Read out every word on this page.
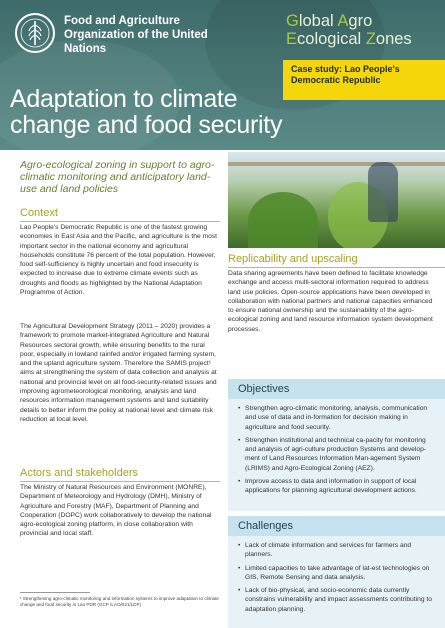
Food and Agriculture Organization of the United Nations
Global Agro
Ecological Zones
Case study: Lao People's Democratic Republic
Adaptation to climate change and food security
Agro-ecological zoning in support to agro-climatic monitoring and anticipatory land-use and land policies
Context
Lao People's Democratic Republic is one of the fastest growing economies in East Asia and the Pacific, and agriculture is the most important sector in the national economy and agricultural households constitute 76 percent of the total population. However, food self-sufficiency is highly uncertain and food insecurity is expected to increase due to extreme climate events such as droughts and floods as highlighted by the National Adaptation Programme of Action.
The Agricultural Development Strategy (2011 – 2020) provides a framework to promote market-integrated Agriculture and Natural Resources sectoral growth, while ensuring benefits to the rural poor, especially in lowland rainfed and/or irrigated farming system, and the upland agriculture system. Therefore the SAMIS project¹ aims at strengthening the system of data collection and analysis at national and provincial level on all food-security-related issues and improving agrometeorological monitoring, analysis and land resources information management systems and land suitability details to better inform the policy at national level and climate risk reduction at local level.
Actors and stakeholders
The Ministry of Natural Resources and Environment (MONRE), Department of Meteorology and Hydrology (DMH), Ministry of Agriculture and Forestry (MAF), Department of Planning and Cooperation (DOPC) work collaboratively to develop the national agro-ecological zoning platform, in close collaboration with provincial and local staff.
¹ Strengthening agro-climatic monitoring and information systems to improve adaptation to climate change and food security in Lao PDR (GCP /LAO/021/LDF)
Replicability and upscaling
Data sharing agreements have been defined to facilitate knowledge exchange and access multi-sectoral information required to address land use policies. Open-source applications have been developed in collaboration with national partners and national capacities enhanced to ensure national ownership and the sustainability of the agro-ecological zoning and land resource information system development processes.
Objectives
• Strengthen agro-climatic monitoring, analysis, communication and use of data and in-formation for decision making in agriculture and food security.
• Strengthen institutional and technical ca-pacity for monitoring and analysis of agri-culture production Systems and develop-ment of Land Resources Information Man-agement System (LRIMS) and Agro-Ecological Zoning (AEZ).
• Improve access to data and information in support of local applications for planning agricultural development actions.
Challenges
• Lack of climate information and services for farmers and planners.
• Limited capacities to take advantage of lat-est technologies on GIS, Remote Sensing and data analysis.
• Lack of bio-physical, and socio-economic data currently constrains vulnerability and impact assessments contributing to adaptation planning.
